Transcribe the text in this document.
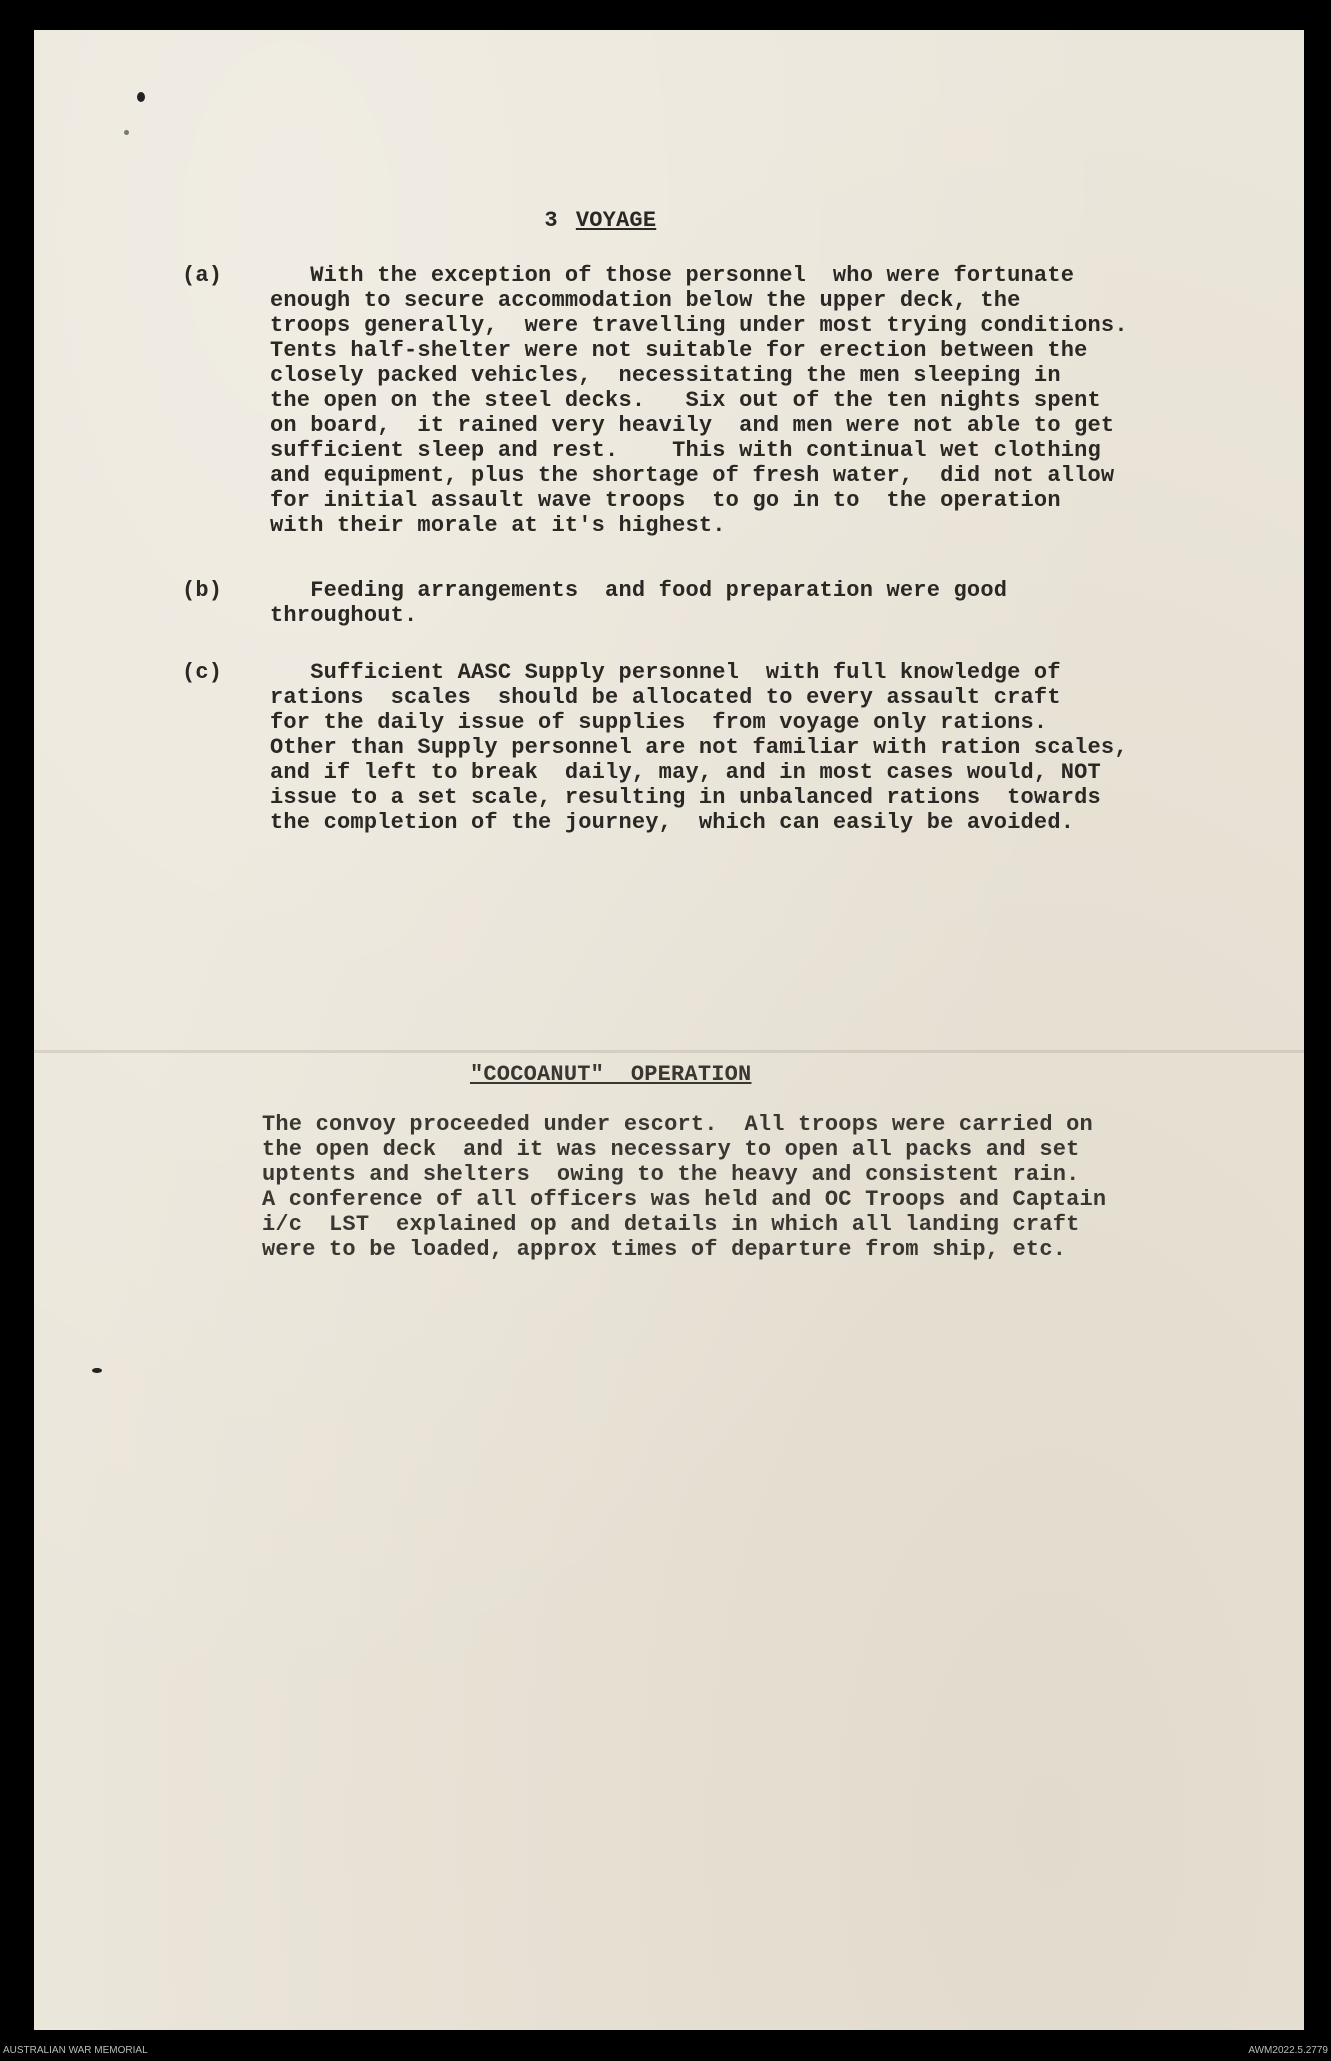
3 VOYAGE

(a)	With the exception of those personnel  who were fortunate
enough to secure accommodation below the upper deck, the
troops generally,  were travelling under most trying conditions.
Tents half-shelter were not suitable for erection between the
closely packed vehicles,  necessitating the men sleeping in
the open on the steel decks.   Six out of the ten nights spent
on board,  it rained very heavily  and men were not able to get
sufficient sleep and rest.    This with continual wet clothing
and equipment, plus the shortage of fresh water,  did not allow
for initial assault wave troops  to go in to  the operation
with their morale at it's highest.
(b)	Feeding arrangements  and food preparation were good
throughout.
(c)	Sufficient AASC Supply personnel  with full knowledge of
rations  scales  should be allocated to every assault craft
for the daily issue of supplies  from voyage only rations.
Other than Supply personnel are not familiar with ration scales,
and if left to break  daily, may, and in most cases would, NOT
issue to a set scale, resulting in unbalanced rations  towards
the completion of the journey,  which can easily be avoided.
"COCOANUT"  OPERATION
The convoy proceeded under escort.  All troops were carried on
the open deck  and it was necessary to open all packs and set
uptents and shelters  owing to the heavy and consistent rain.
A conference of all officers was held and OC Troops and Captain
i/c  LST  explained op and details in which all landing craft
were to be loaded, approx times of departure from ship, etc.
AUSTRALIAN WAR MEMORIAL	AWM2022.5.2779
